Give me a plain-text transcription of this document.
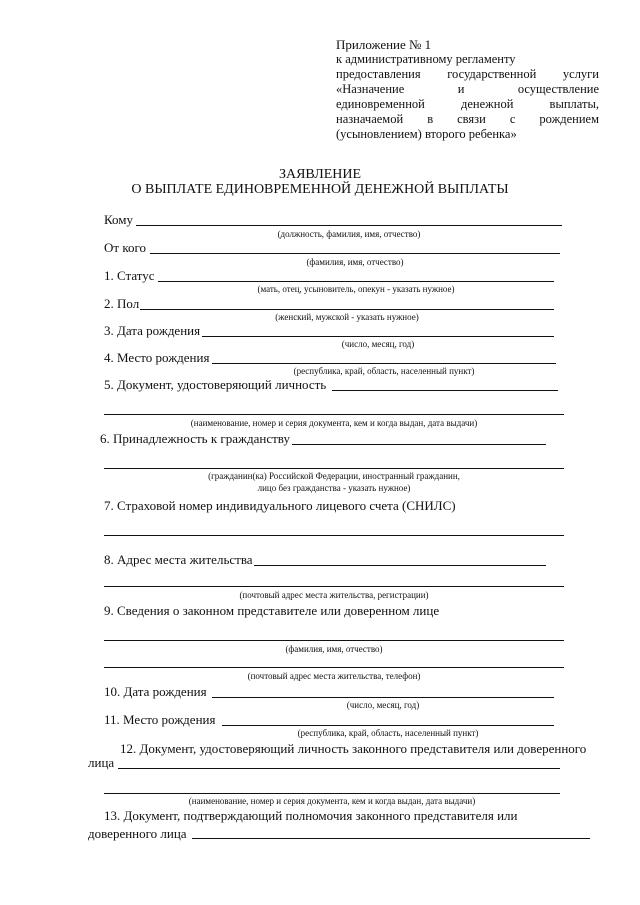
Приложение № 1
к административному регламенту
предоставления государственной услуги
«Назначение и осуществление
единовременной денежной выплаты,
назначаемой в связи с рождением
(усыновлением) второго ребенка»
ЗАЯВЛЕНИЕ
О ВЫПЛАТЕ ЕДИНОВРЕМЕННОЙ ДЕНЕЖНОЙ ВЫПЛАТЫ
Кому
(должность, фамилия, имя, отчество)
От кого
(фамилия, имя, отчество)
1. Статус
(мать, отец, усыновитель, опекун - указать нужное)
2. Пол
(женский, мужской - указать нужное)
3. Дата рождения
(число, месяц, год)
4. Место рождения
(республика, край, область, населенный пункт)
5. Документ, удостоверяющий личность
(наименование, номер и серия документа, кем и когда выдан, дата выдачи)
6. Принадлежность к гражданству
(гражданин(ка) Российской Федерации, иностранный гражданин,
лицо без гражданства - указать нужное)
7. Страховой номер индивидуального лицевого счета (СНИЛС)
8. Адрес места жительства
(почтовый адрес места жительства, регистрации)
9. Сведения о законном представителе или доверенном лице
(фамилия, имя, отчество)
(почтовый адрес места жительства, телефон)
10. Дата рождения
(число, месяц, год)
11. Место рождения
(республика, край, область, населенный пункт)
12. Документ, удостоверяющий личность законного представителя или доверенного
лица
(наименование, номер и серия документа, кем и когда выдан, дата выдачи)
13. Документ, подтверждающий полномочия законного представителя или
доверенного лица
